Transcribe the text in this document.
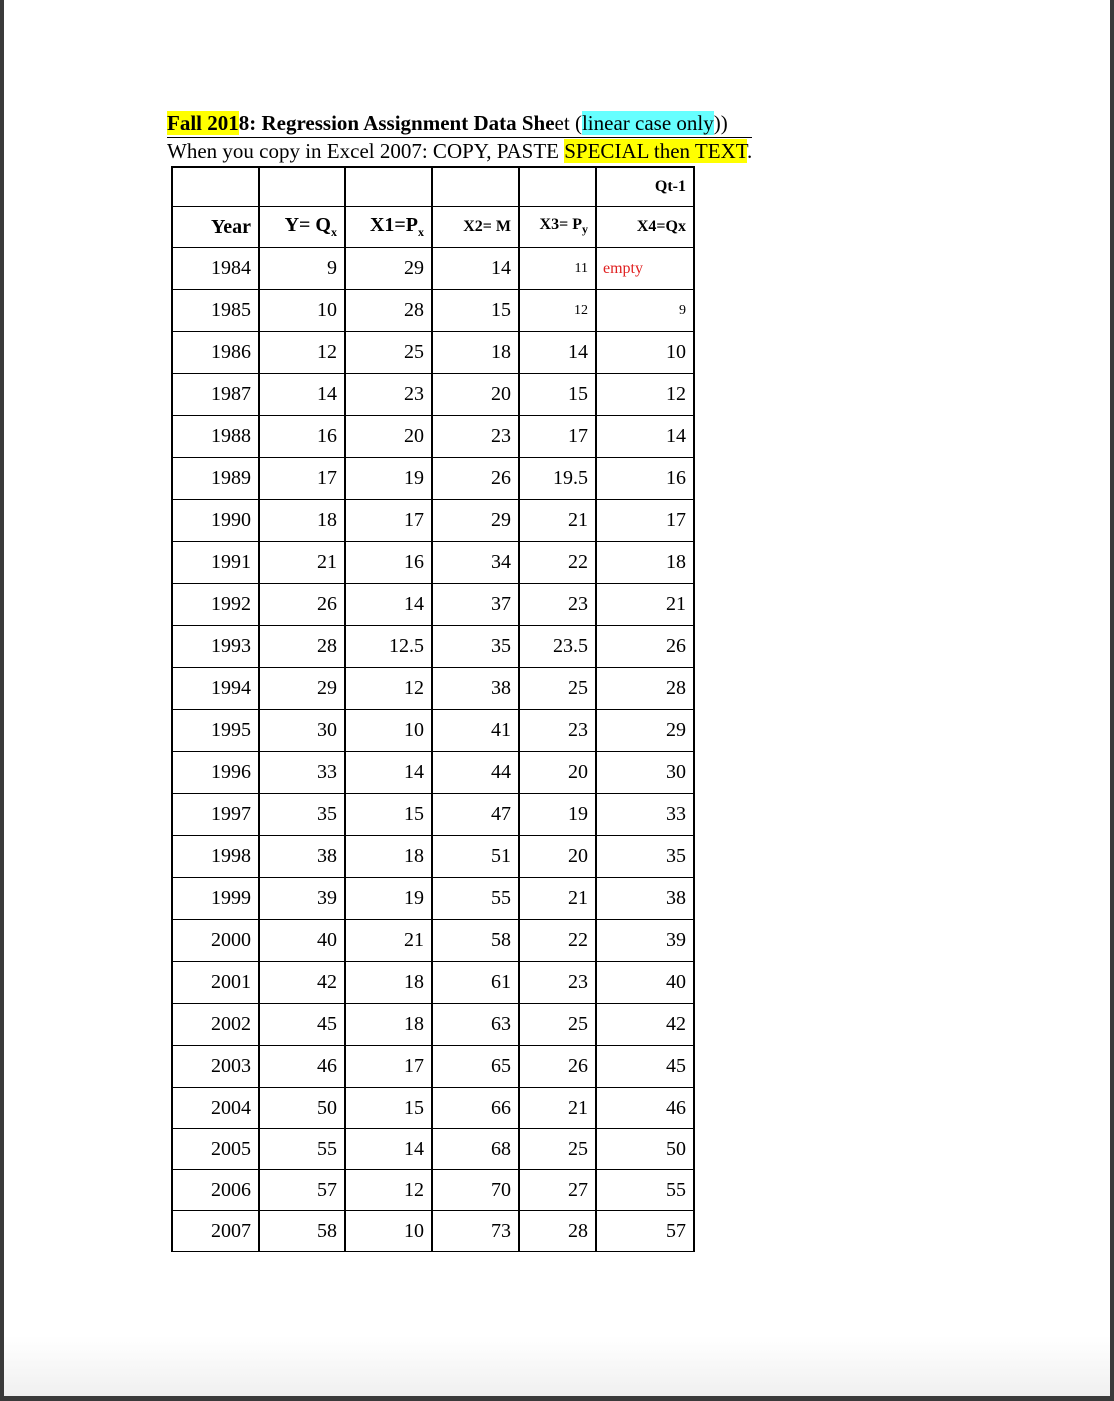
Fall 2018: Regression Assignment Data Sheet (linear case only))
When you copy in Excel 2007: COPY, PASTE SPECIAL then TEXT.
					Qt-1
Year	$Y= Q_x$	$X1=P_x$	X2= M	$X3= P_y$	X4=Qx
1984	9	29	14	11	empty
1985	10	28	15	12	9
1986	12	25	18	14	10
1987	14	23	20	15	12
1988	16	20	23	17	14
1989	17	19	26	19.5	16
1990	18	17	29	21	17
1991	21	16	34	22	18
1992	26	14	37	23	21
1993	28	12.5	35	23.5	26
1994	29	12	38	25	28
1995	30	10	41	23	29
1996	33	14	44	20	30
1997	35	15	47	19	33
1998	38	18	51	20	35
1999	39	19	55	21	38
2000	40	21	58	22	39
2001	42	18	61	23	40
2002	45	18	63	25	42
2003	46	17	65	26	45
2004	50	15	66	21	46
2005	55	14	68	25	50
2006	57	12	70	27	55
2007	58	10	73	28	57
